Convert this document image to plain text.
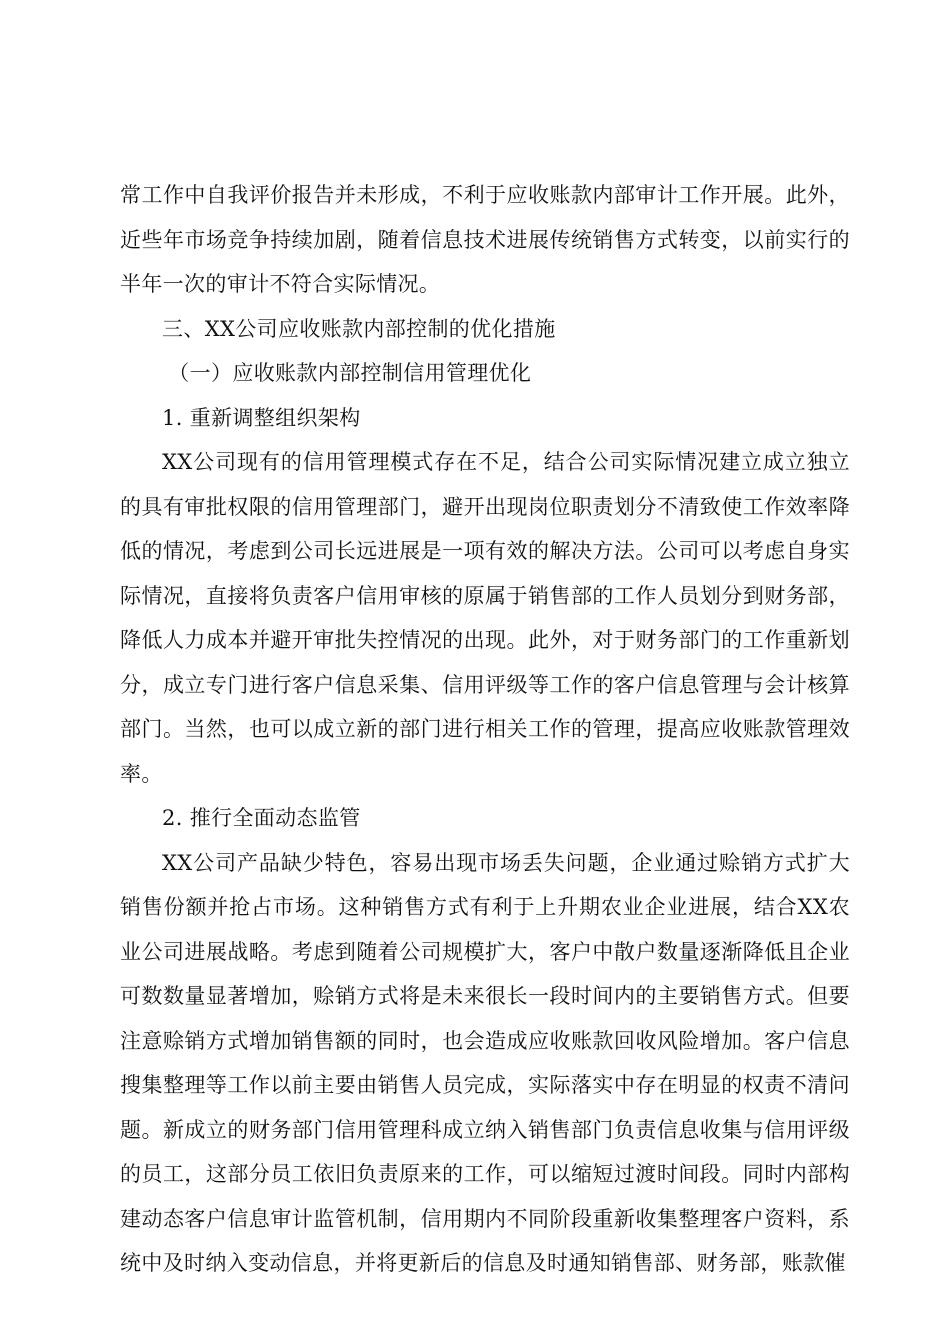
常工作中自我评价报告并未形成，不利于应收账款内部审计工作开展。此外，近些年市场竞争持续加剧，随着信息技术进展传统销售方式转变，以前实行的半年一次的审计不符合实际情况。

三、XX公司应收账款内部控制的优化措施

（一）应收账款内部控制信用管理优化

1. 重新调整组织架构

XX公司现有的信用管理模式存在不足，结合公司实际情况建立成立独立的具有审批权限的信用管理部门，避开出现岗位职责划分不清致使工作效率降低的情况，考虑到公司长远进展是一项有效的解决方法。公司可以考虑自身实际情况，直接将负责客户信用审核的原属于销售部的工作人员划分到财务部，降低人力成本并避开审批失控情况的出现。此外，对于财务部门的工作重新划分，成立专门进行客户信息采集、信用评级等工作的客户信息管理与会计核算部门。当然，也可以成立新的部门进行相关工作的管理，提高应收账款管理效率。

2. 推行全面动态监管

XX公司产品缺少特色，容易出现市场丢失问题，企业通过赊销方式扩大销售份额并抢占市场。这种销售方式有利于上升期农业企业进展，结合XX农业公司进展战略。考虑到随着公司规模扩大，客户中散户数量逐渐降低且企业可数数量显著增加，赊销方式将是未来很长一段时间内的主要销售方式。但要注意赊销方式增加销售额的同时，也会造成应收账款回收风险增加。客户信息搜集整理等工作以前主要由销售人员完成，实际落实中存在明显的权责不清问题。新成立的财务部门信用管理科成立纳入销售部门负责信息收集与信用评级的员工，这部分员工依旧负责原来的工作，可以缩短过渡时间段。同时内部构建动态客户信息审计监管机制，信用期内不同阶段重新收集整理客户资料，系统中及时纳入变动信息，并将更新后的信息及时通知销售部、财务部，账款催
